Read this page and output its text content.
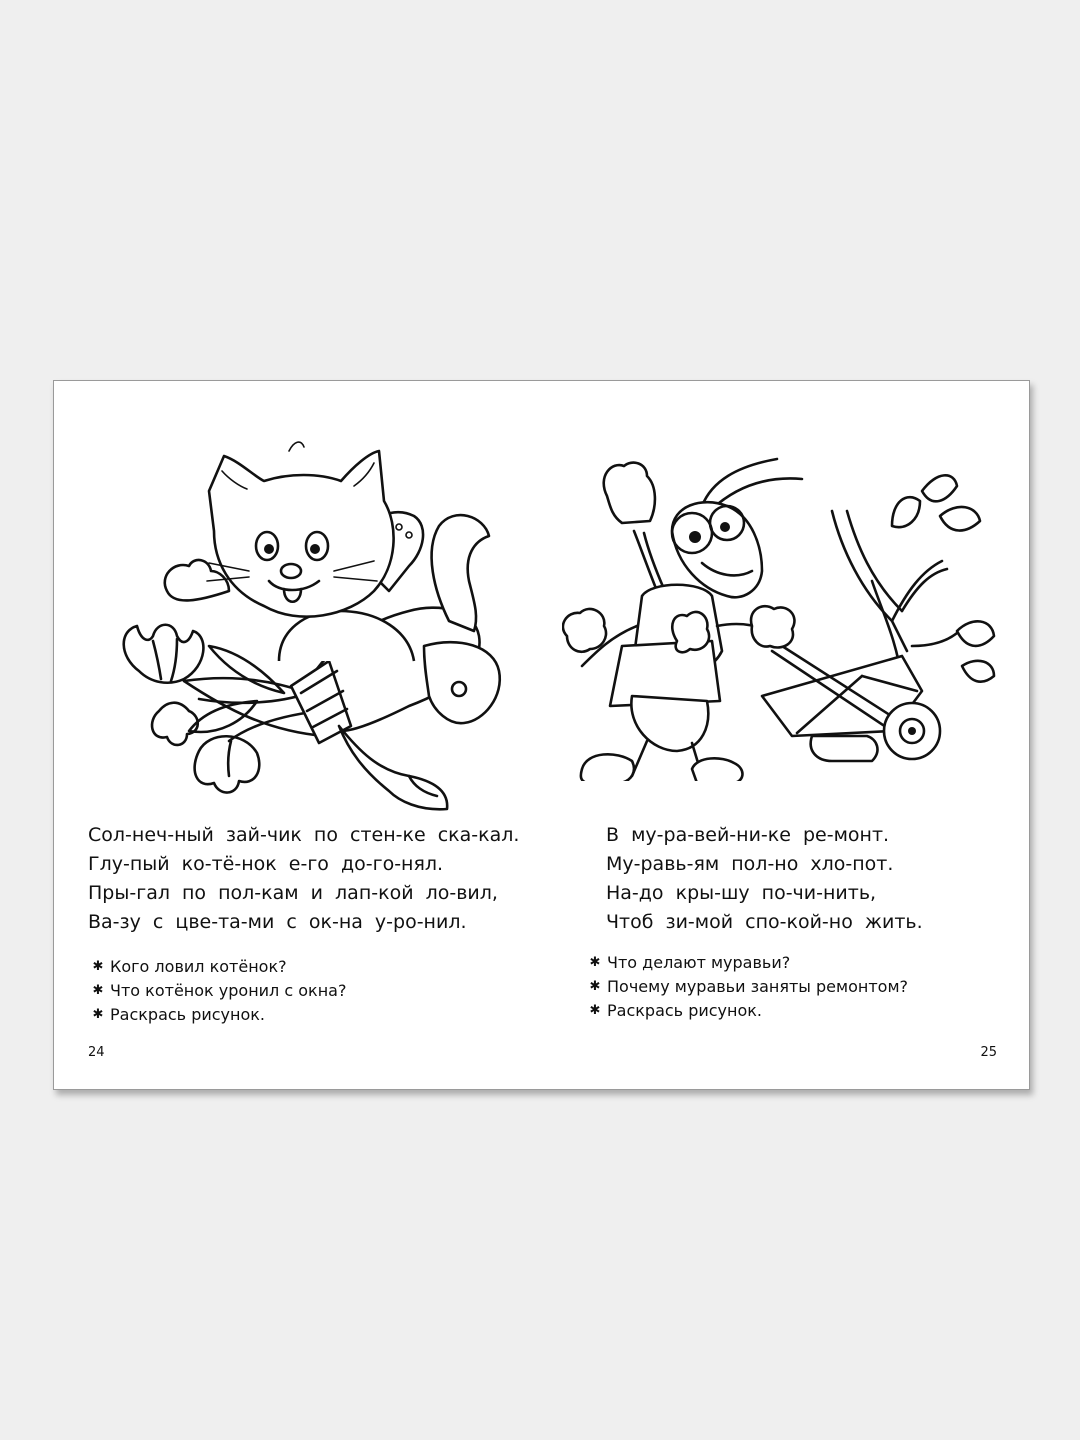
Сол-неч-ный зай-чик по стен-ке ска-кал.
Глу-пый ко-тё-нок е-го до-го-нял.
Пры-гал по пол-кам и лап-кой ло-вил,
Ва-зу с цве-та-ми с ок-на у-ро-нил.
✱ Кого ловил котёнок?
✱ Что котёнок уронил с окна?
✱ Раскрась рисунок.
24
В му-ра-вей-ни-ке ре-монт.
Му-равь-ям пол-но хло-пот.
На-до кры-шу по-чи-нить,
Чтоб зи-мой спо-кой-но жить.
✱ Что делают муравьи?
✱ Почему муравьи заняты ремонтом?
✱ Раскрась рисунок.
25
